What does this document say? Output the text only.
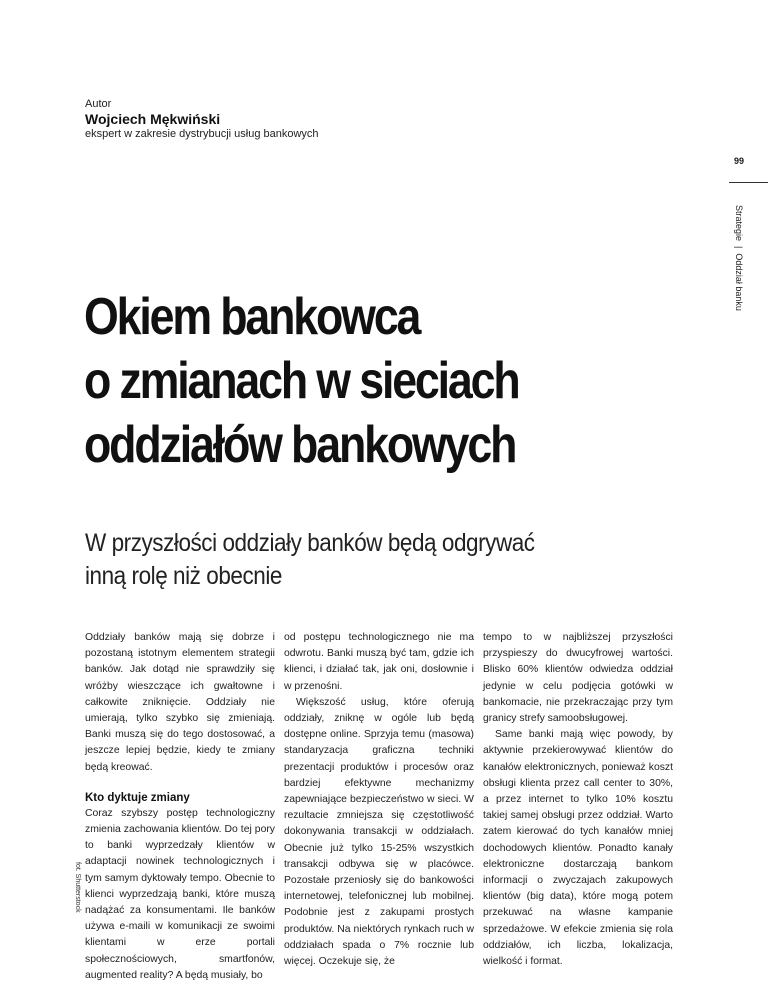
Autor
Wojciech Mękwiński
ekspert w zakresie dystrybucji usług bankowych
99
Strategie|Oddział banku
Okiem bankowca
o zmianach w sieciach
oddziałów bankowych
W przyszłości oddziały banków będą odgrywać
inną rolę niż obecnie

Oddziały banków mają się dobrze i pozostaną istotnym elementem strategii banków. Jak dotąd nie sprawdziły się wróżby wieszczące ich gwałtowne i całkowite zniknięcie. Oddziały nie umierają, tylko szybko się zmieniają. Banki muszą się do tego dostosować, a jeszcze lepiej będzie, kiedy te zmiany będą kreować.

Kto dyktuje zmiany

Coraz szybszy postęp technologiczny zmienia zachowania klientów. Do tej pory to banki wyprzedzały klientów w adaptacji nowinek technologicznych i tym samym dyktowały tempo. Obecnie to klienci wyprzedzają banki, które muszą nadążać za konsumentami. Ile banków używa e-maili w komunikacji ze swoimi klientami w erze portali społecznościowych, smartfonów, augmented reality? A będą musiały, bo

od postępu technologicznego nie ma odwrotu. Banki muszą być tam, gdzie ich klienci, i działać tak, jak oni, dosłownie i w przenośni.

Większość usług, które oferują oddziały, zniknę w ogóle lub będą dostępne online. Sprzyja temu (masowa) standaryzacja graficzna techniki prezentacji produktów i procesów oraz bardziej efektywne mechanizmy zapewniające bezpieczeństwo w sieci. W rezultacie zmniejsza się częstotliwość dokonywania transakcji w oddziałach. Obecnie już tylko 15-25% wszystkich transakcji odbywa się w placówce. Pozostałe przeniosły się do bankowości internetowej, telefonicznej lub mobilnej. Podobnie jest z zakupami prostych produktów. Na niektórych rynkach ruch w oddziałach spada o 7% rocznie lub więcej. Oczekuje się, że

tempo to w najbliższej przyszłości przyspieszy do dwucyfrowej wartości. Blisko 60% klientów odwiedza oddział jedynie w celu podjęcia gotówki w bankomacie, nie przekraczając przy tym granicy strefy samoobsługowej.

Same banki mają więc powody, by aktywnie przekierowywać klientów do kanałów elektronicznych, ponieważ koszt obsługi klienta przez call center to 30%, a przez internet to tylko 10% kosztu takiej samej obsługi przez oddział. Warto zatem kierować do tych kanałów mniej dochodowych klientów. Ponadto kanały elektroniczne dostarczają bankom informacji o zwyczajach zakupowych klientów (big data), które mogą potem przekuwać na własne kampanie sprzedażowe. W efekcie zmienia się rola oddziałów, ich liczba, lokalizacja, wielkość i format.

fot. Shutterstock
